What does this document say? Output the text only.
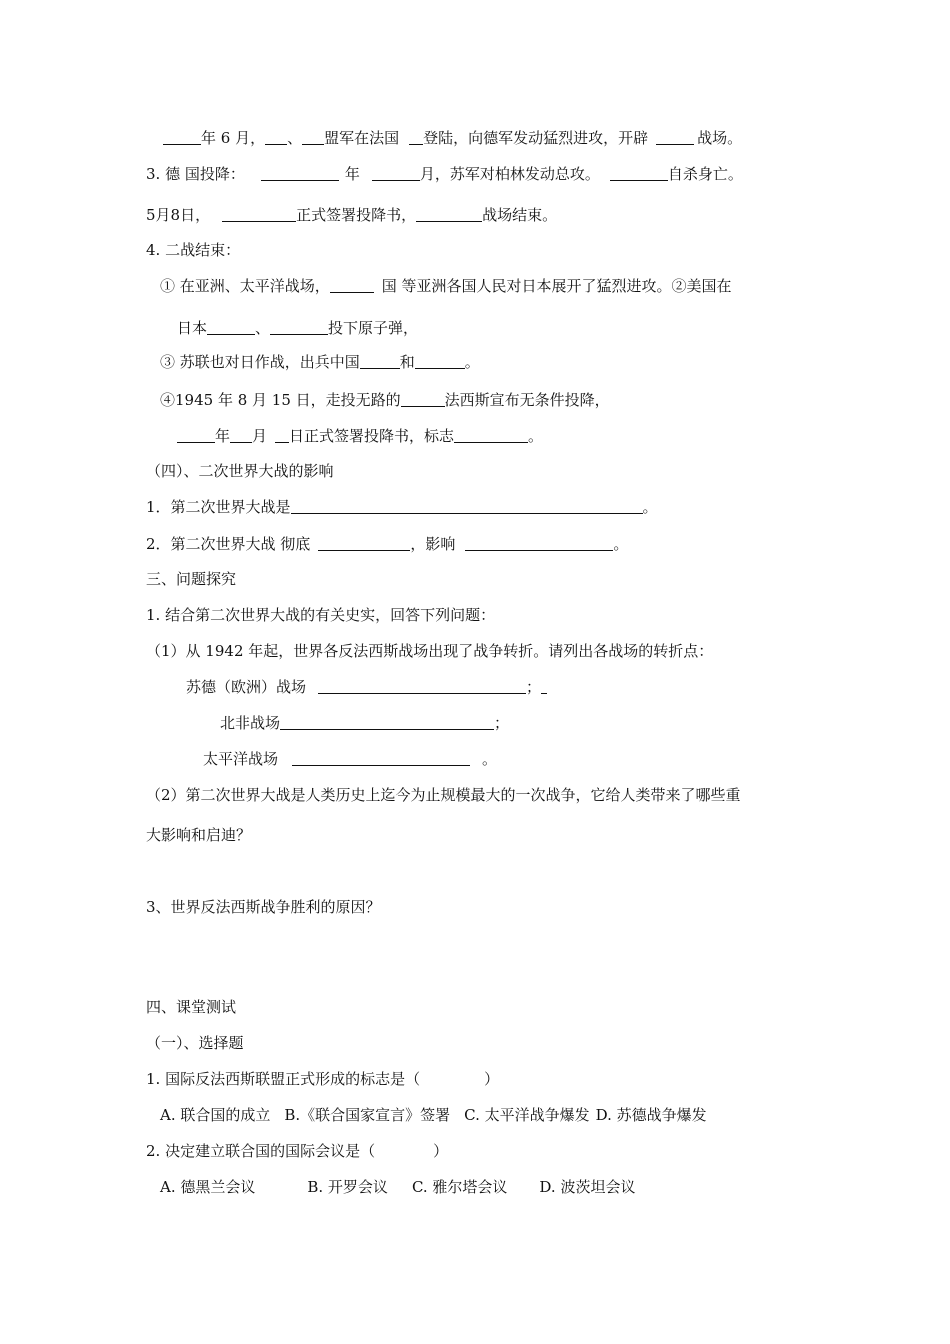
年 6 月， 、 盟军在法国 登陆，向德军发动猛烈进攻，开辟	战场。
3. 德 国投降：	年	月，苏军对柏林发动总攻。	自杀身亡。
5月8日，	正式签署投降书，	战场结束。
4. 二战结束：
① 在亚洲、太平洋战场，	国 等亚洲各国人民对日本展开了猛烈进攻。②美国在
日本	、	投下原子弹，
③ 苏联也对日作战，出兵中国	和	。
④1945 年 8 月 15 日，走投无路的	法西斯宣布无条件投降，
年 月 日正式签署投降书，标志	。
（四）、二次世界大战的影响
1．第二次世界大战是	。
2．第二次世界大战 彻底	，影响	。
三、问题探究
1. 结合第二次世界大战的有关史实，回答下列问题：
（1）从 1942 年起，世界各反法西斯战场出现了战争转折。请列出各战场的转折点：
苏德（欧洲）战场	；
北非战场	；
太平洋战场	。
（2）第二次世界大战是人类历史上迄今为止规模最大的一次战争，它给人类带来了哪些重
大影响和启迪？
3、世界反法西斯战争胜利的原因？
四、课堂测试
（一）、选择题
1. 国际反法西斯联盟正式形成的标志是（	）
A. 联合国的成立 B.《联合国家宣言》签署 C. 太平洋战争爆发 D. 苏德战争爆发
2. 决定建立联合国的国际会议是（	）
A. 德黑兰会议	B. 开罗会议 C. 雅尔塔会议 D. 波茨坦会议
